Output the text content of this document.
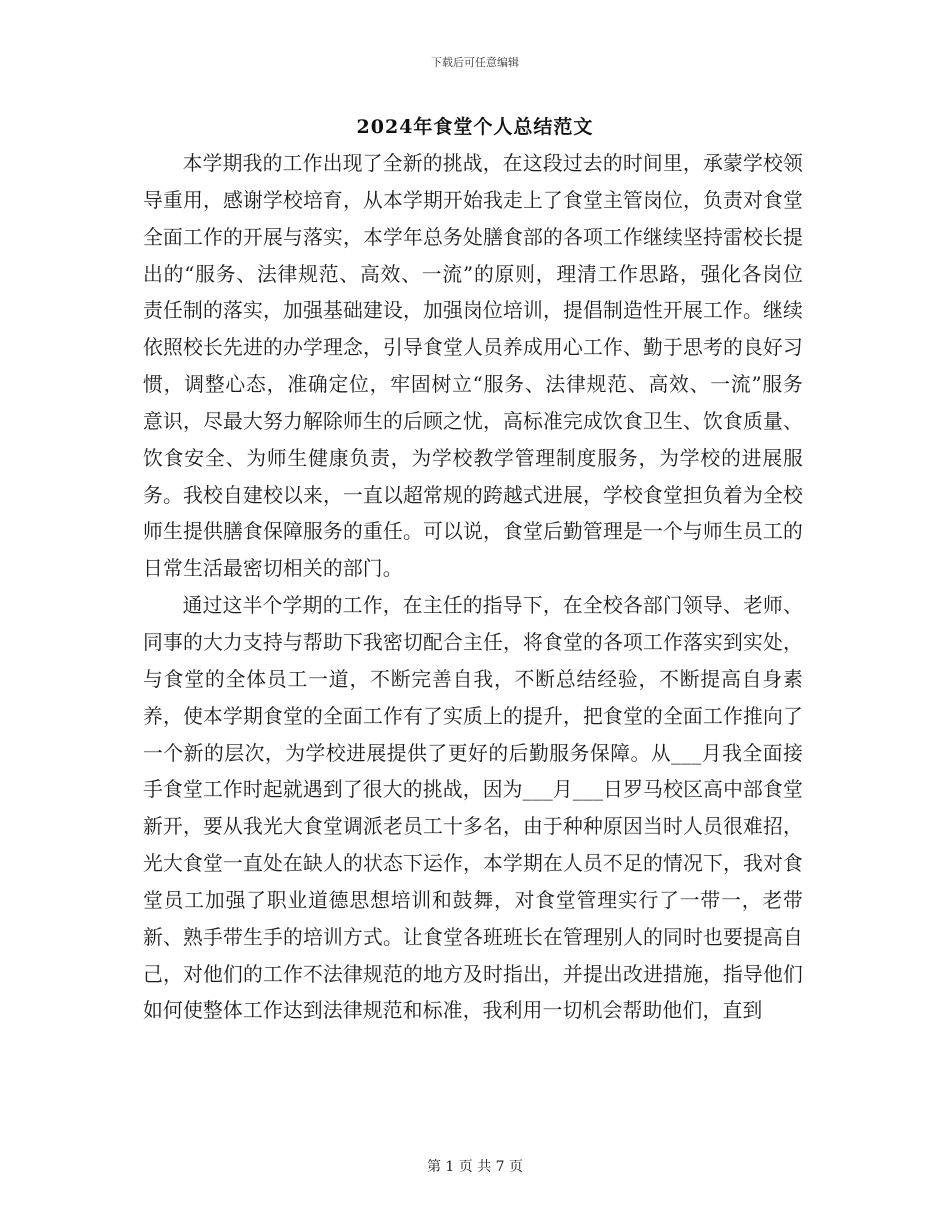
下载后可任意编辑
2024年食堂个人总结范文

本学期我的工作出现了全新的挑战，在这段过去的时间里，承蒙学校领导重用，感谢学校培育，从本学期开始我走上了食堂主管岗位，负责对食堂全面工作的开展与落实，本学年总务处膳食部的各项工作继续坚持雷校长提出的“服务、法律规范、高效、一流”的原则，理清工作思路，强化各岗位责任制的落实，加强基础建设，加强岗位培训，提倡制造性开展工作。继续依照校长先进的办学理念，引导食堂人员养成用心工作、勤于思考的良好习惯，调整心态，准确定位，牢固树立“服务、法律规范、高效、一流”服务意识，尽最大努力解除师生的后顾之忧，高标准完成饮食卫生、饮食质量、饮食安全、为师生健康负责，为学校教学管理制度服务，为学校的进展服务。我校自建校以来，一直以超常规的跨越式进展，学校食堂担负着为全校师生提供膳食保障服务的重任。可以说，食堂后勤管理是一个与师生员工的日常生活最密切相关的部门。

通过这半个学期的工作，在主任的指导下，在全校各部门领导、老师、同事的大力支持与帮助下我密切配合主任，将食堂的各项工作落实到实处，与食堂的全体员工一道，不断完善自我，不断总结经验，不断提高自身素养，使本学期食堂的全面工作有了实质上的提升，把食堂的全面工作推向了一个新的层次，为学校进展提供了更好的后勤服务保障。从___月我全面接手食堂工作时起就遇到了很大的挑战，因为___月___日罗马校区高中部食堂新开，要从我光大食堂调派老员工十多名，由于种种原因当时人员很难招，光大食堂一直处在缺人的状态下运作，本学期在人员不足的情况下，我对食堂员工加强了职业道德思想培训和鼓舞，对食堂管理实行了一带一，老带新、熟手带生手的培训方式。让食堂各班班长在管理别人的同时也要提高自己，对他们的工作不法律规范的地方及时指出，并提出改进措施，指导他们如何使整体工作达到法律规范和标准，我利用一切机会帮助他们，直到

第 1 页 共 7 页
